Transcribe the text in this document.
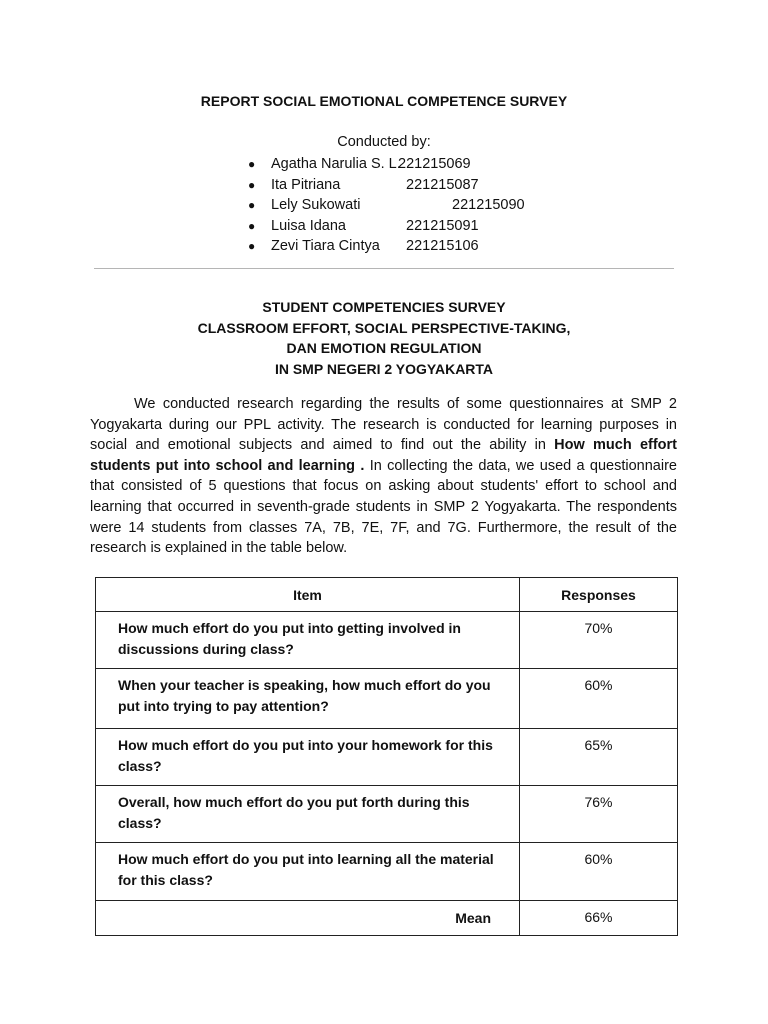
REPORT SOCIAL EMOTIONAL COMPETENCE SURVEY
Conducted by:
● Agatha Narulia S. L.
221215069
● Ita Pitriana	221215087
● Lely Sukowati	221215090
● Luisa Idana	221215091
● Zevi Tiara Cintya 221215106
STUDENT COMPETENCIES SURVEY
CLASSROOM EFFORT, SOCIAL PERSPECTIVE-TAKING,
DAN EMOTION REGULATION
IN SMP NEGERI 2 YOGYAKARTA

We conducted research regarding the results of some questionnaires at SMP 2 Yogyakarta during our PPL activity. The research is conducted for learning purposes in social and emotional subjects and aimed to find out the ability in How much effort students put into school and learning . In collecting the data, we used a questionnaire that consisted of 5 questions that focus on asking about students' effort to school and learning that occurred in seventh-grade students in SMP 2 Yogyakarta. The respondents were 14 students from classes 7A, 7B, 7E, 7F, and 7G. Furthermore, the result of the research is explained in the table below.

Item	Responses
How much effort do you put into getting involved in discussions during class?	70%
When your teacher is speaking, how much effort do you put into trying to pay attention?	60%
How much effort do you put into your homework for this class?	65%
Overall, how much effort do you put forth during this class?	76%
How much effort do you put into learning all the material for this class?	60%
Mean	66%
